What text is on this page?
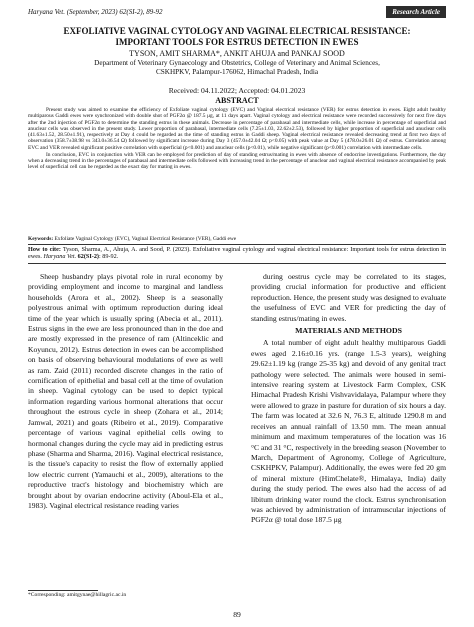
Haryana Vet. (September, 2023) 62(SI-2), 89-92	Research Article
EXFOLIATIVE VAGINAL CYTOLOGY AND VAGINAL ELECTRICAL RESISTANCE:
IMPORTANT TOOLS FOR ESTRUS DETECTION IN EWES
TYSON, AMIT SHARMA*, ANKIT AHUJA and PANKAJ SOOD
Department of Veterinary Gynaecology and Obstetrics, College of Veterinary and Animal Sciences,
CSKHPKV, Palampur-176062, Himachal Pradesh, India
Received: 04.11.2022; Accepted: 04.01.2023
ABSTRACT

Present study was aimed to examine the efficiency of Exfoliate vaginal cytology (EVC) and Vaginal electrical resistance (VER) for estrus detection in ewes. Eight adult healthy multiparous Gaddi ewes were synchronized with double shot of PGF2α @ 187.5 μg, at 11 days apart. Vaginal cytology and electrical resistance were recorded successively for next five days after the 2nd injection of PGF2α to determine the standing estrus in these animals. Decrease in percentage of parabasal and intermediate cells, while increase in percentage of superficial and anuclear cells was observed in the present study. Lower proportion of parabasal, intermediate cells (7.25±1.03, 22.62±2.53), followed by higher proportion of superficial and anuclear cells (41.63±1.52, 28.50±1.91), respectively at Day 4 could be regarded as the time of standing estrus in Gaddi sheep. Vaginal electrical resistance revealed decreasing trend at first two days of observation (358.7±38.98 vs 343.0±36.54 Ω) followed by significant increase during Day 3 (457.0±42.04 Ω; p<0.05) with peak value at Day 5 (478.0±26.01 Ω) of estrus. Correlation among EVC and VER revealed significant positive correlation with superficial (p<0.001) and anuclear cells (p<0.01), while negative significant (p<0.001) correlation with intermediate cells.

In conclusion, EVC in conjunction with VER can be employed for prediction of day of standing estrus/mating in ewes with absence of endocrine investigations. Furthermore, the day when a decreasing trend in the percentages of parabasal and intermediate cells followed with increasing trend in the percentage of anuclear and vaginal electrical resistance accompanied by peak level of superficial cell can be regarded as the exact day for mating in ewes.

Keywords: Exfoliate Vaginal Cytology (EVC), Vaginal Electrical Resistance (VER), Gaddi ewe
How to cite: Tyson, Sharma, A., Ahuja, A. and Sood, P. (2023). Exfoliative vaginal cytology and vaginal electrical resistance: Important tools for estrus detection in ewes. Haryana Vet. 62(SI-2): 89-92.

Sheep husbandry plays pivotal role in rural economy by providing employment and income to marginal and landless households (Arora et al., 2002). Sheep is a seasonally polyestrous animal with optimum reproduction during ideal time of the year which is usually spring (Abecia et al., 2011). Estrus signs in the ewe are less pronounced than in the doe and are mostly expressed in the presence of ram (Altinceklic and Koyuncu, 2012). Estrus detection in ewes can be accomplished on basis of observing behavioural modulations of ewe as well as ram. Zaid (2011) recorded discrete changes in the ratio of cornification of epithelial and basal cell at the time of ovulation in sheep. Vaginal cytology can be used to depict typical information regarding various hormonal alterations that occur throughout the estrous cycle in sheep (Zohara et al., 2014; Jamwal, 2021) and goats (Ribeiro et al., 2019). Comparative percentage of various vaginal epithelial cells owing to hormonal changes during the cycle may aid in predicting estrus phase (Sharma and Sharma, 2016). Vaginal electrical resistance, is the tissue's capacity to resist the flow of externally applied low electric current (Yamauchi et al., 2009), alterations to the reproductive tract's histology and biochemistry which are brought about by ovarian endocrine activity (Aboul-Ela et al., 1983). Vaginal electrical resistance reading varies

during oestrus cycle may be correlated to its stages, providing crucial information for productive and efficient reproduction. Hence, the present study was designed to evaluate the usefulness of EVC and VER for predicting the day of standing estrus/mating in ewes.

MATERIALS AND METHODS

A total number of eight adult healthy multiparous Gaddi ewes aged 2.16±0.16 yrs. (range 1.5-3 years), weighing 29.62±1.19 kg (range 25-35 kg) and devoid of any genital tract pathology were selected. The animals were housed in semi-intensive rearing system at Livestock Farm Complex, CSK Himachal Pradesh Krishi Vishvavidalaya, Palampur where they were allowed to graze in pasture for duration of six hours a day. The farm was located at 32.6 N, 76.3 E, altitude 1290.8 m and receives an annual rainfall of 13.50 mm. The mean annual minimum and maximum temperatures of the location was 16 °C and 31 °C, respectively in the breeding season (November to March, Department of Agronomy, College of Agriculture, CSKHPKV, Palampur). Additionally, the ewes were fed 20 gm of mineral mixture (HimChelate®, Himalaya, India) daily during the study period. The ewes also had the access of ad libitum drinking water round the clock. Estrus synchronisation was achieved by administration of intramuscular injections of PGF2α @ total dose 187.5 μg

*Corresponding: amitgynae@hillagric.ac.in
89
